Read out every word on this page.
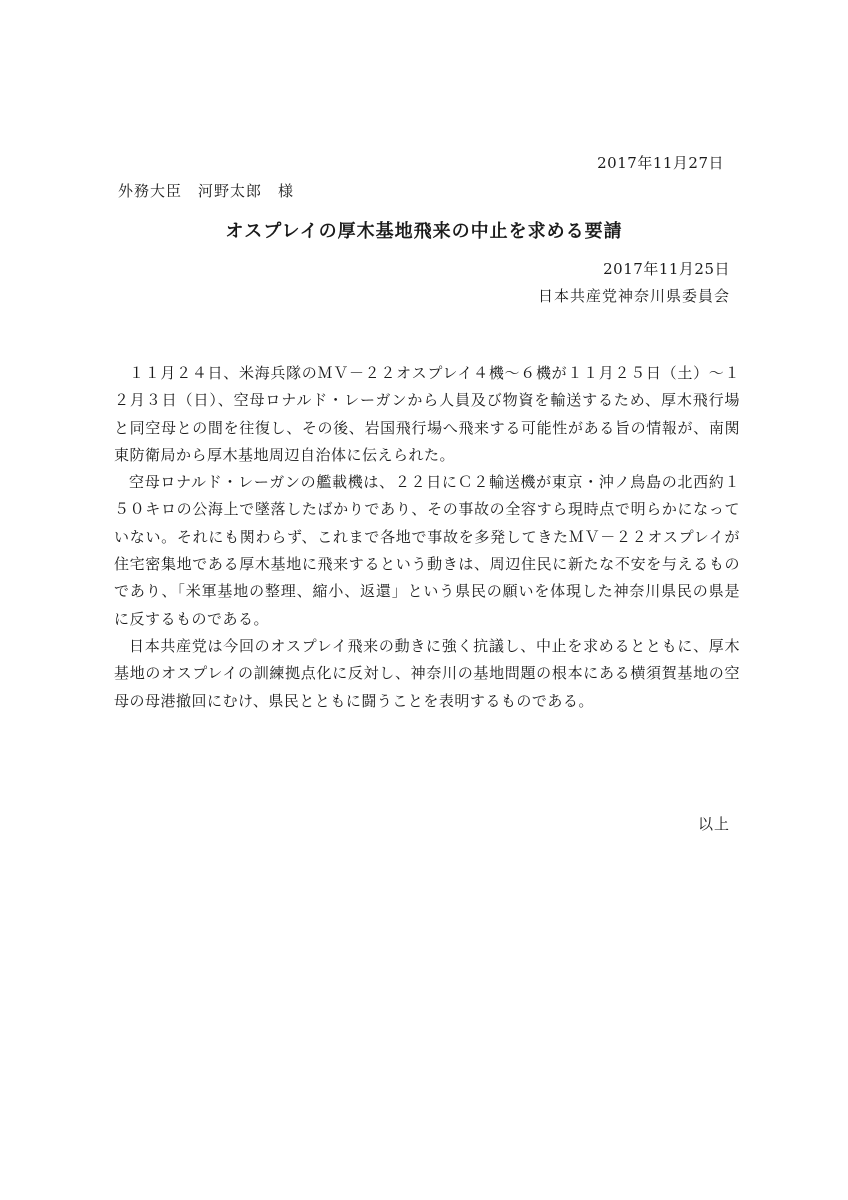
2017年11月27日
外務大臣　河野太郎　様
オスプレイの厚木基地飛来の中止を求める要請
2017年11月25日
日本共産党神奈川県委員会

１１月２４日、米海兵隊のＭＶ－２２オスプレイ４機～６機が１１月２５日（土）～１２月３日（日）、空母ロナルド・レーガンから人員及び物資を輸送するため、厚木飛行場と同空母との間を往復し、その後、岩国飛行場へ飛来する可能性がある旨の情報が、南関東防衛局から厚木基地周辺自治体に伝えられた。

空母ロナルド・レーガンの艦載機は、２２日にＣ２輸送機が東京・沖ノ鳥島の北西約１５０キロの公海上で墜落したばかりであり、その事故の全容すら現時点で明らかになっていない。それにも関わらず、これまで各地で事故を多発してきたＭＶ－２２オスプレイが住宅密集地である厚木基地に飛来するという動きは、周辺住民に新たな不安を与えるものであり、「米軍基地の整理、縮小、返還」という県民の願いを体現した神奈川県民の県是に反するものである。

日本共産党は今回のオスプレイ飛来の動きに強く抗議し、中止を求めるとともに、厚木基地のオスプレイの訓練拠点化に反対し、神奈川の基地問題の根本にある横須賀基地の空母の母港撤回にむけ、県民とともに闘うことを表明するものである。

以上
